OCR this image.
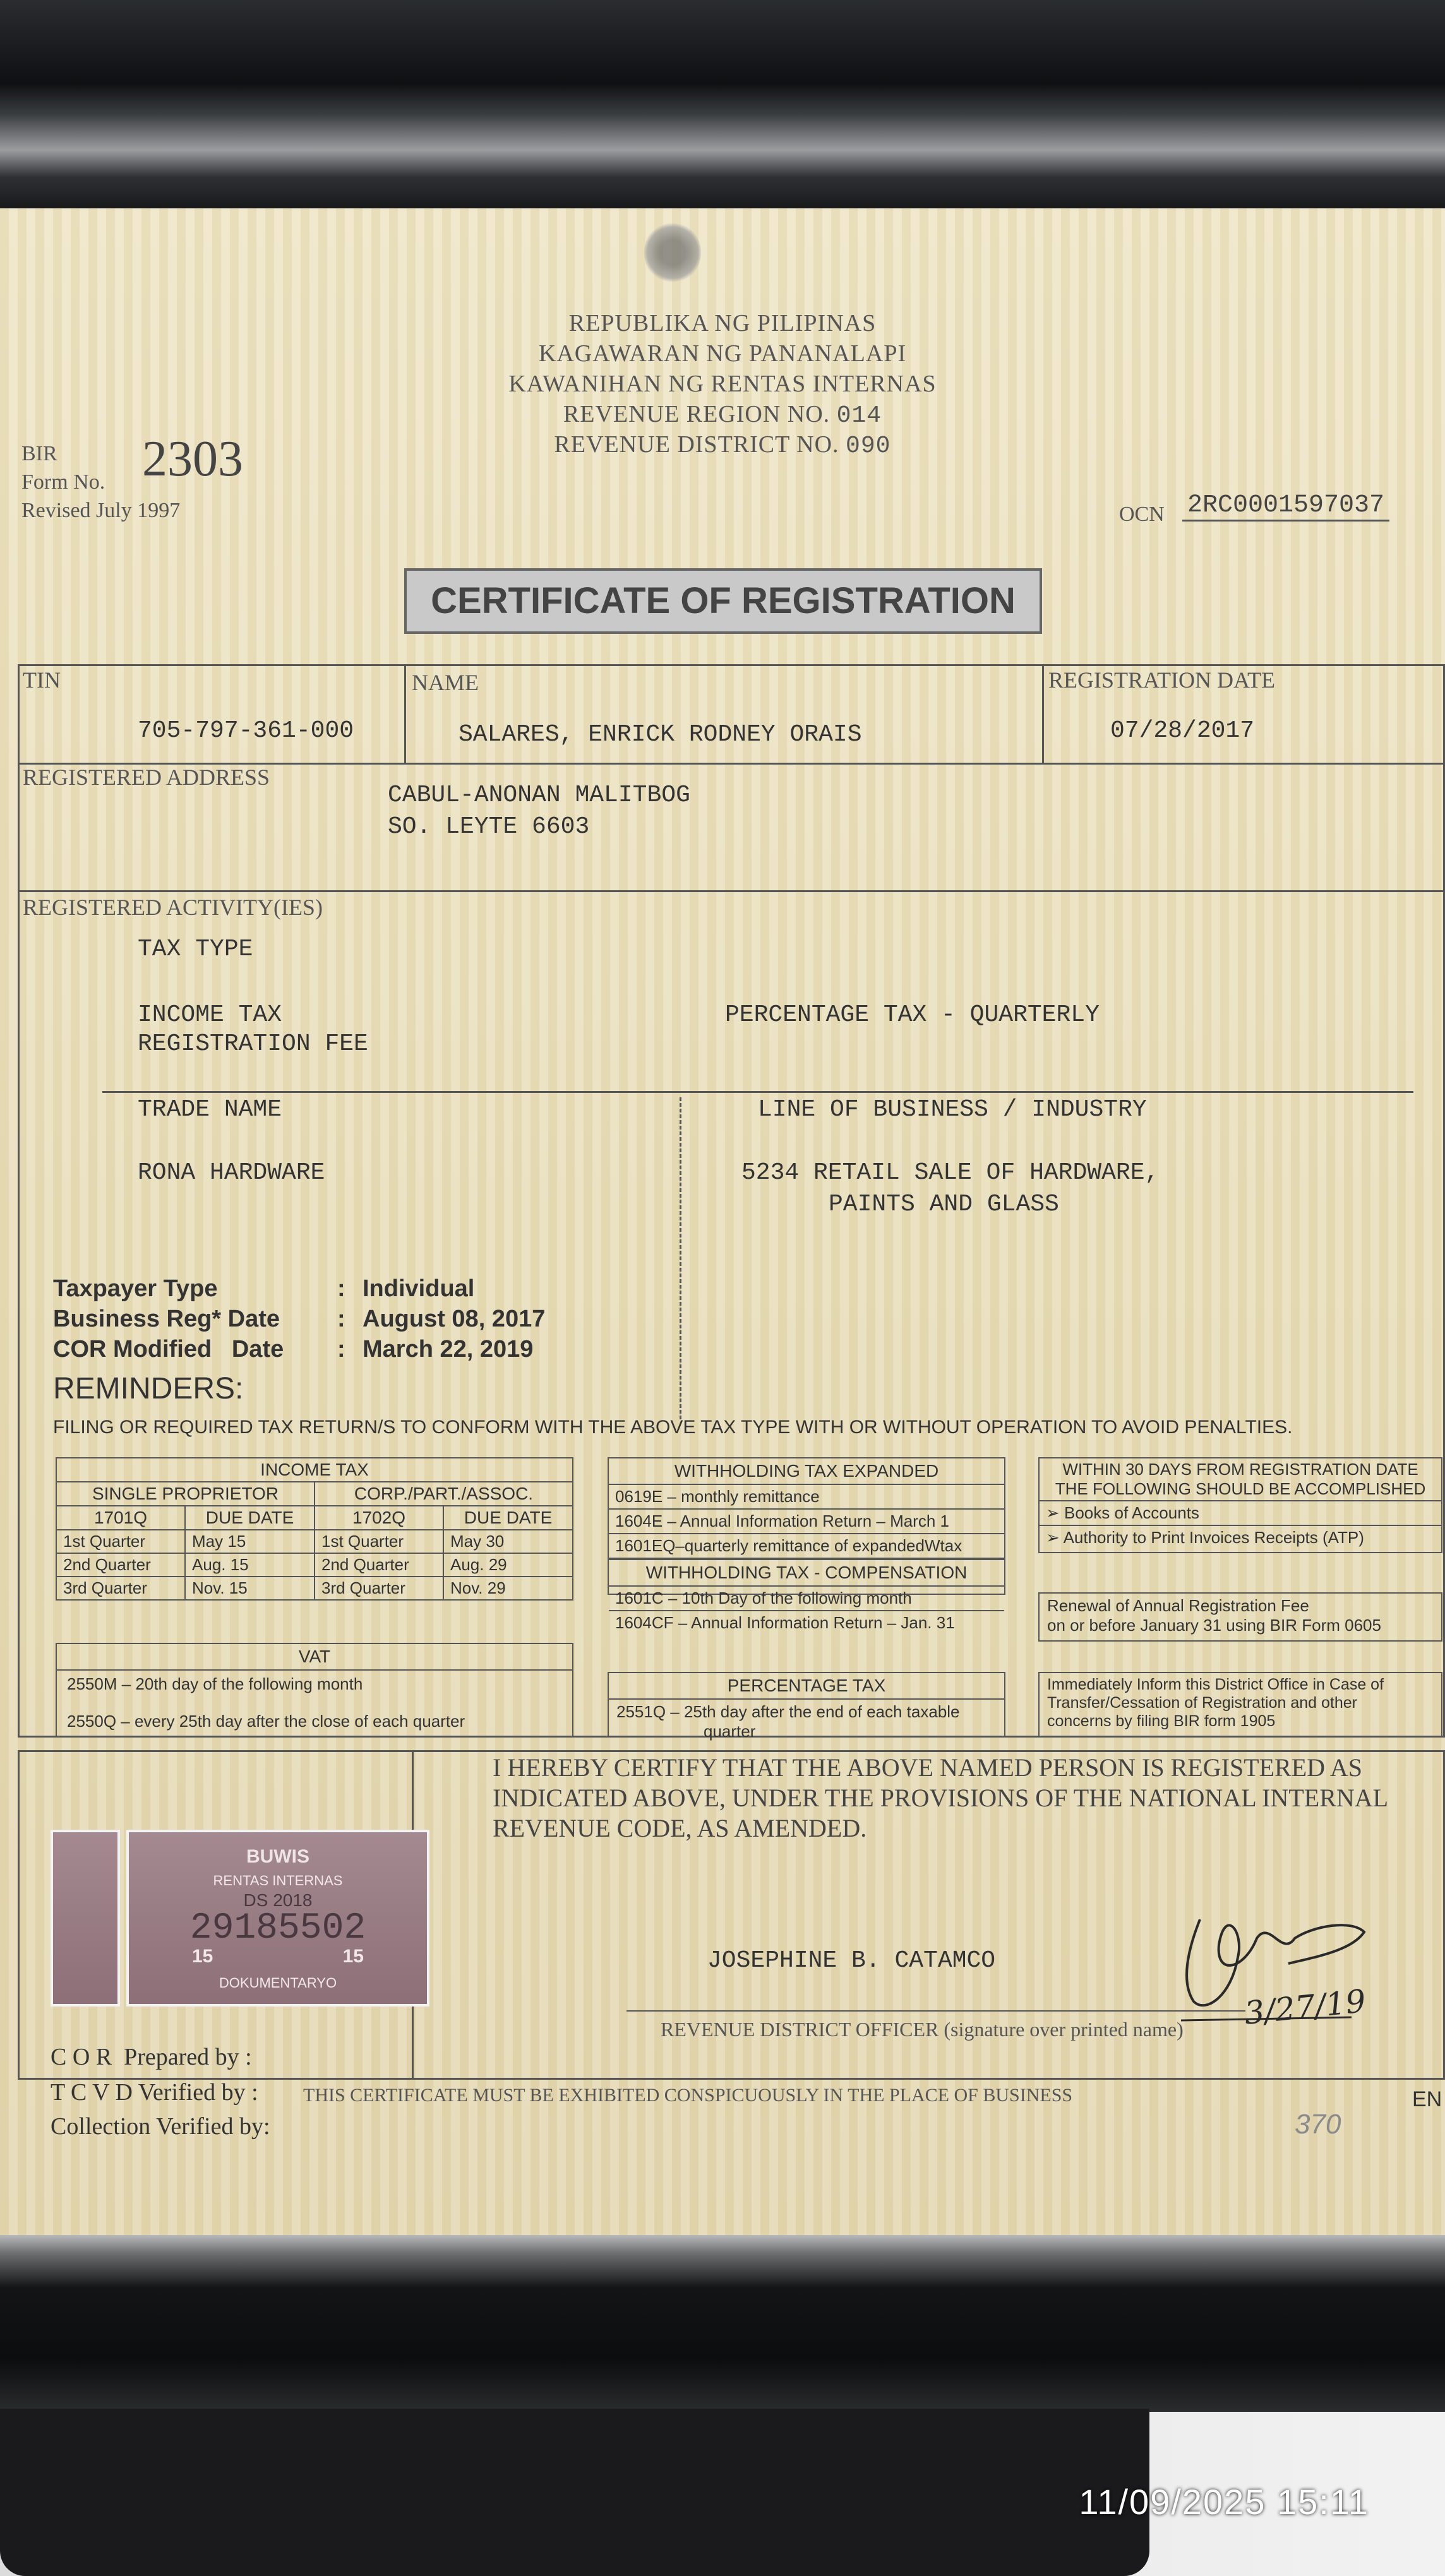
REPUBLIKA NG PILIPINAS
KAGAWARAN NG PANANALAPI
KAWANIHAN NG RENTAS INTERNAS
REVENUE REGION NO. 014
REVENUE DISTRICT NO. 090
BIR
Form No. 2303
Revised July 1997	OCN 2RC0001597037
CERTIFICATE OF REGISTRATION
TIN
705-797-361-000
NAME
SALARES, ENRICK RODNEY ORAIS
REGISTRATION DATE
07/28/2017
REGISTERED ADDRESS
CABUL-ANONAN MALITBOG
SO. LEYTE 6603
REGISTERED ACTIVITY(IES)
TAX TYPE
INCOME TAX
REGISTRATION FEE
PERCENTAGE TAX - QUARTERLY
TRADE NAME
RONA HARDWARE
LINE OF BUSINESS / INDUSTRY
5234 RETAIL SALE OF HARDWARE,
PAINTS AND GLASS
Taxpayer Type	: Individual
Business Reg* Date : August 08, 2017
COR Modified   Date : March 22, 2019
REMINDERS:
FILING OR REQUIRED TAX RETURN/S TO CONFORM WITH THE ABOVE TAX TYPE WITH OR WITHOUT OPERATION TO AVOID PENALTIES.
INCOME TAX			
SINGLE PROPRIETOR		CORP./PART./ASSOC.	
1701Q	DUE DATE	1702Q	DUE DATE
1st Quarter	May 15	1st Quarter	May 30
2nd Quarter	Aug. 15	2nd Quarter	Aug. 29
3rd Quarter	Nov. 15	3rd Quarter	Nov. 29
WITHHOLDING TAX EXPANDED
0619E – monthly remittance
1604E – Annual Information Return – March 1
1601EQ–quarterly remittance of expandedWtax
WITHHOLDING TAX - COMPENSATION
1601C – 10th Day of the following month
1604CF – Annual Information Return – Jan. 31
WITHIN 30 DAYS FROM REGISTRATION DATE
THE FOLLOWING SHOULD BE ACCOMPLISHED
➢ Books of Accounts
➢ Authority to Print Invoices Receipts (ATP)
Renewal of Annual Registration Fee
on or before January 31 using BIR Form 0605
VAT
2550M – 20th day of the following month
2550Q – every 25th day after the close of each quarter
PERCENTAGE TAX
2551Q – 25th day after the end of each taxable
quarter
Immediately Inform this District Office in Case of
Transfer/Cessation of Registration and other
concerns by filing BIR form 1905
I HEREBY CERTIFY THAT THE ABOVE NAMED PERSON IS REGISTERED AS
INDICATED ABOVE, UNDER THE PROVISIONS OF THE NATIONAL INTERNAL
REVENUE CODE, AS AMENDED.
JOSEPHINE B. CATAMCO
3/27/19
REVENUE DISTRICT OFFICER (signature over printed name)
BUWIS
RENTAS INTERNAS
DS 2018
29185502
15	15
DOKUMENTARYO
C O R  Prepared by :
T C V D Verified by : THIS CERTIFICATE MUST BE EXHIBITED CONSPICUOUSLY IN THE PLACE OF BUSINESS
Collection Verified by:	370
EN
11/09/2025 15:11
